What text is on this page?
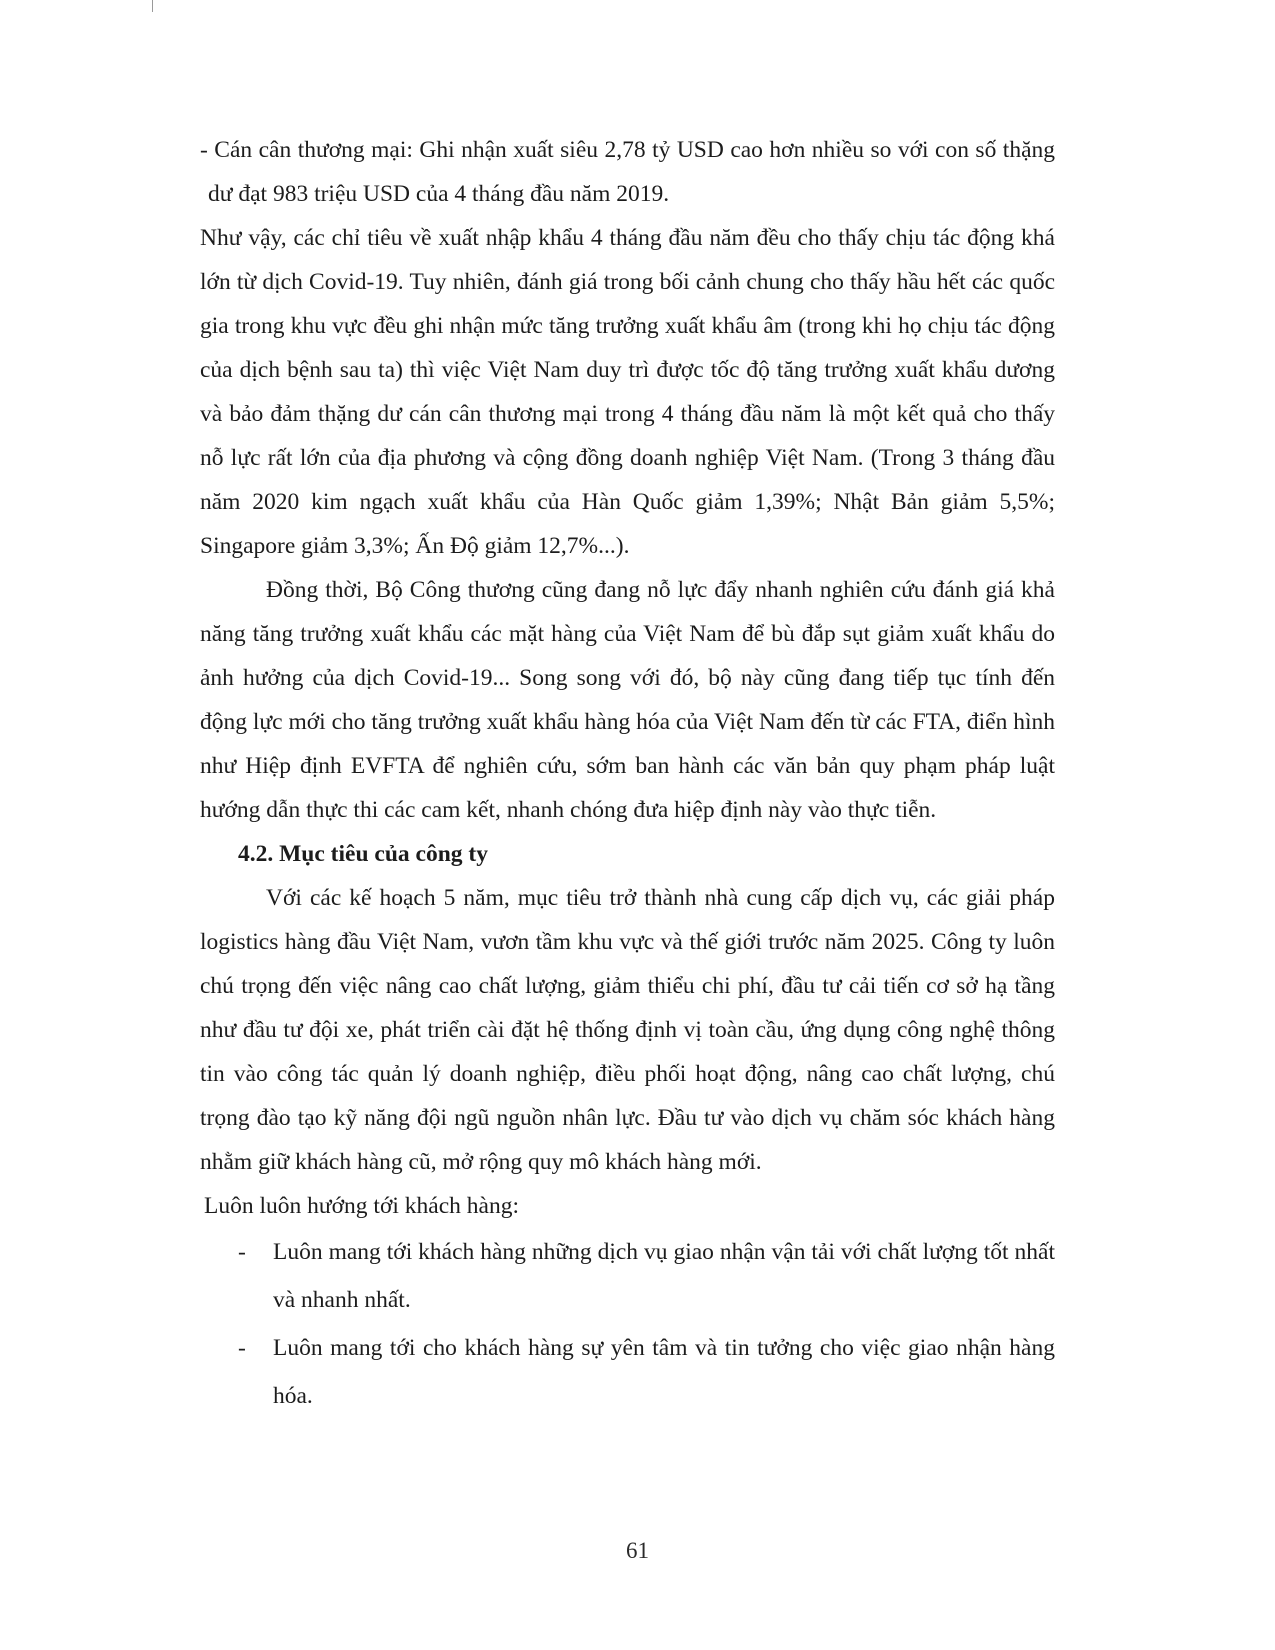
- Cán cân thương mại: Ghi nhận xuất siêu 2,78 tỷ USD cao hơn nhiều so với con số thặng dư đạt 983 triệu USD của 4 tháng đầu năm 2019.

Như vậy, các chỉ tiêu về xuất nhập khẩu 4 tháng đầu năm đều cho thấy chịu tác động khá lớn từ dịch Covid-19. Tuy nhiên, đánh giá trong bối cảnh chung cho thấy hầu hết các quốc gia trong khu vực đều ghi nhận mức tăng trưởng xuất khẩu âm (trong khi họ chịu tác động của dịch bệnh sau ta) thì việc Việt Nam duy trì được tốc độ tăng trưởng xuất khẩu dương và bảo đảm thặng dư cán cân thương mại trong 4 tháng đầu năm là một kết quả cho thấy nỗ lực rất lớn của địa phương và cộng đồng doanh nghiệp Việt Nam. (Trong 3 tháng đầu năm 2020 kim ngạch xuất khẩu của Hàn Quốc giảm 1,39%; Nhật Bản giảm 5,5%; Singapore giảm 3,3%; Ấn Độ giảm 12,7%...).

Đồng thời, Bộ Công thương cũng đang nỗ lực đẩy nhanh nghiên cứu đánh giá khả năng tăng trưởng xuất khẩu các mặt hàng của Việt Nam để bù đắp sụt giảm xuất khẩu do ảnh hưởng của dịch Covid-19... Song song với đó, bộ này cũng đang tiếp tục tính đến động lực mới cho tăng trưởng xuất khẩu hàng hóa của Việt Nam đến từ các FTA, điển hình như Hiệp định EVFTA để nghiên cứu, sớm ban hành các văn bản quy phạm pháp luật hướng dẫn thực thi các cam kết, nhanh chóng đưa hiệp định này vào thực tiễn.

4.2. Mục tiêu của công ty

Với các kế hoạch 5 năm, mục tiêu trở thành nhà cung cấp dịch vụ, các giải pháp logistics hàng đầu Việt Nam, vươn tầm khu vực và thế giới trước năm 2025. Công ty luôn chú trọng đến việc nâng cao chất lượng, giảm thiểu chi phí, đầu tư cải tiến cơ sở hạ tầng như đầu tư đội xe, phát triển cài đặt hệ thống định vị toàn cầu, ứng dụng công nghệ thông tin vào công tác quản lý doanh nghiệp, điều phối hoạt động, nâng cao chất lượng, chú trọng đào tạo kỹ năng đội ngũ nguồn nhân lực. Đầu tư vào dịch vụ chăm sóc khách hàng nhằm giữ khách hàng cũ, mở rộng quy mô khách hàng mới.

Luôn luôn hướng tới khách hàng:

- Luôn mang tới khách hàng những dịch vụ giao nhận vận tải với chất lượng tốt nhất và nhanh nhất.
- Luôn mang tới cho khách hàng sự yên tâm và tin tưởng cho việc giao nhận hàng hóa.
61
